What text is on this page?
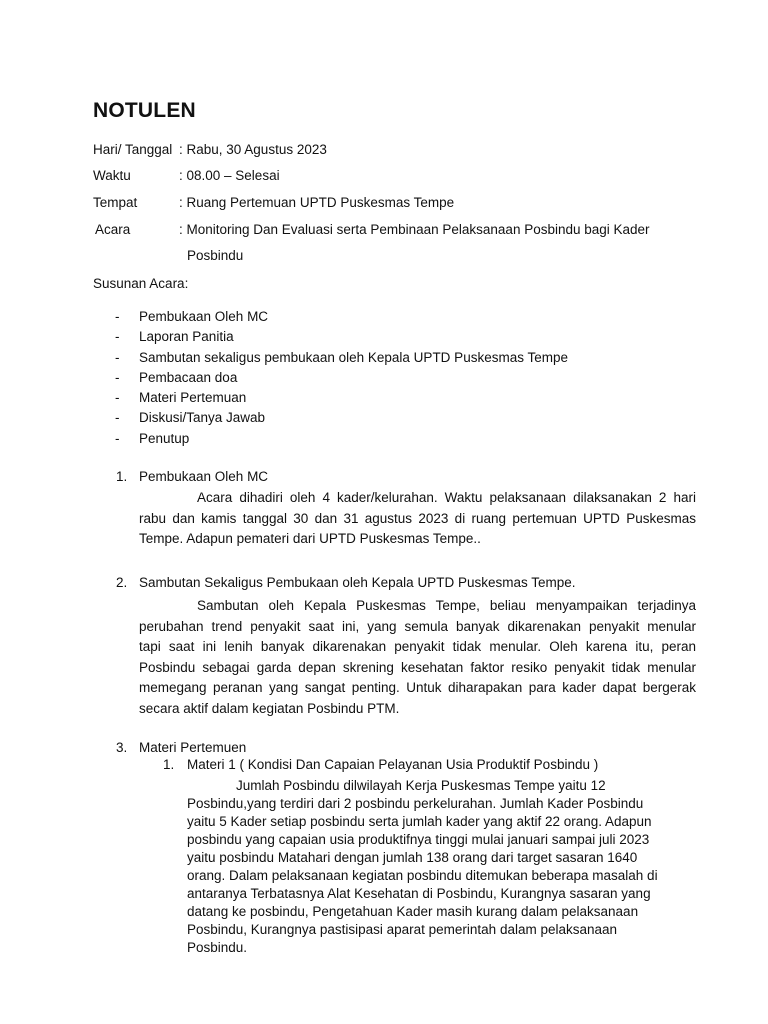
NOTULEN
Hari/ Tanggal : Rabu, 30 Agustus 2023
Waktu	: 08.00 – Selesai
Tempat	: Ruang Pertemuan UPTD Puskesmas Tempe
Acara	: Monitoring Dan Evaluasi serta Pembinaan Pelaksanaan Posbindu bagi Kader
Posbindu
Susunan Acara:
- Pembukaan Oleh MC
- Laporan Panitia
- Sambutan sekaligus pembukaan oleh Kepala UPTD Puskesmas Tempe
- Pembacaan doa
- Materi Pertemuan
- Diskusi/Tanya Jawab
- Penutup
1. Pembukaan Oleh MC
Acara dihadiri oleh 4 kader/kelurahan. Waktu pelaksanaan dilaksanakan 2 hari
rabu dan kamis tanggal 30 dan 31 agustus 2023 di ruang pertemuan UPTD Puskesmas
Tempe. Adapun pemateri dari UPTD Puskesmas Tempe..
2. Sambutan Sekaligus Pembukaan oleh Kepala UPTD Puskesmas Tempe.
Sambutan oleh Kepala Puskesmas Tempe, beliau menyampaikan terjadinya
perubahan trend penyakit saat ini, yang semula banyak dikarenakan penyakit menular
tapi saat ini lenih banyak dikarenakan penyakit tidak menular. Oleh karena itu, peran
Posbindu sebagai garda depan skrening kesehatan faktor resiko penyakit tidak menular
memegang peranan yang sangat penting. Untuk diharapakan para kader dapat bergerak
secara aktif dalam kegiatan Posbindu PTM.
3. Materi Pertemuen
1. Materi 1 ( Kondisi Dan Capaian Pelayanan Usia Produktif Posbindu )
Jumlah Posbindu dilwilayah Kerja Puskesmas Tempe yaitu 12
Posbindu,yang terdiri dari 2 posbindu perkelurahan. Jumlah Kader Posbindu
yaitu 5 Kader setiap posbindu serta jumlah kader yang aktif 22 orang. Adapun
posbindu yang capaian usia produktifnya tinggi mulai januari sampai juli 2023
yaitu posbindu Matahari dengan jumlah 138 orang dari target sasaran 1640
orang. Dalam pelaksanaan kegiatan posbindu ditemukan beberapa masalah di
antaranya Terbatasnya Alat Kesehatan di Posbindu, Kurangnya sasaran yang
datang ke posbindu, Pengetahuan Kader masih kurang dalam pelaksanaan
Posbindu, Kurangnya pastisipasi aparat pemerintah dalam pelaksanaan
Posbindu.
